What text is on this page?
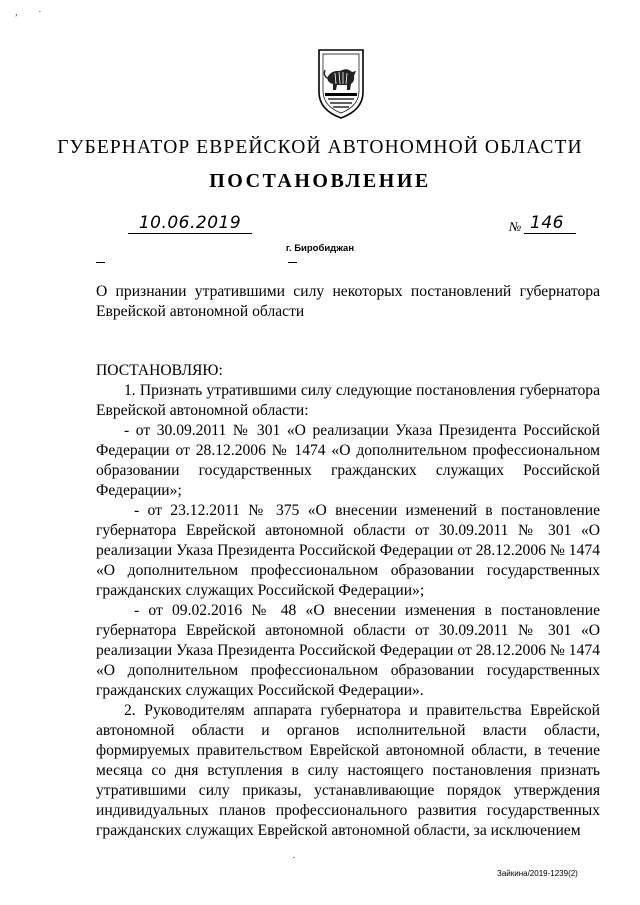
, ·
·
ГУБЕРНАТОР ЕВРЕЙСКОЙ АВТОНОМНОЙ ОБЛАСТИ
ПОСТАНОВЛЕНИЕ
10.06.2019	№ 146
г. Биробиджан
О признании утратившими силу некоторых постановлений губернатора Еврейской автономной области

ПОСТАНОВЛЯЮ:

1. Признать утратившими силу следующие постановления губернатора Еврейской автономной области:

- от 30.09.2011 № 301 «О реализации Указа Президента Российской Федерации от 28.12.2006 № 1474 «О дополнительном профессиональном образовании государственных гражданских служащих Российской Федерации»;

- от 23.12.2011 № 375 «О внесении изменений в постановление губернатора Еврейской автономной области от 30.09.2011 № 301 «О реализации Указа Президента Российской Федерации от 28.12.2006 № 1474 «О дополнительном профессиональном образовании государственных гражданских служащих Российской Федерации»;

- от 09.02.2016 № 48 «О внесении изменения в постановление губернатора Еврейской автономной области от 30.09.2011 № 301 «О реализации Указа Президента Российской Федерации от 28.12.2006 № 1474 «О дополнительном профессиональном образовании государственных гражданских служащих Российской Федерации».

2. Руководителям аппарата губернатора и правительства Еврейской автономной области и органов исполнительной власти области, формируемых правительством Еврейской автономной области, в течение месяца со дня вступления в силу настоящего постановления признать утратившими силу приказы, устанавливающие порядок утверждения индивидуальных планов профессионального развития государственных гражданских служащих Еврейской автономной области, за исключением

Зайкина/2019-1239(2)
